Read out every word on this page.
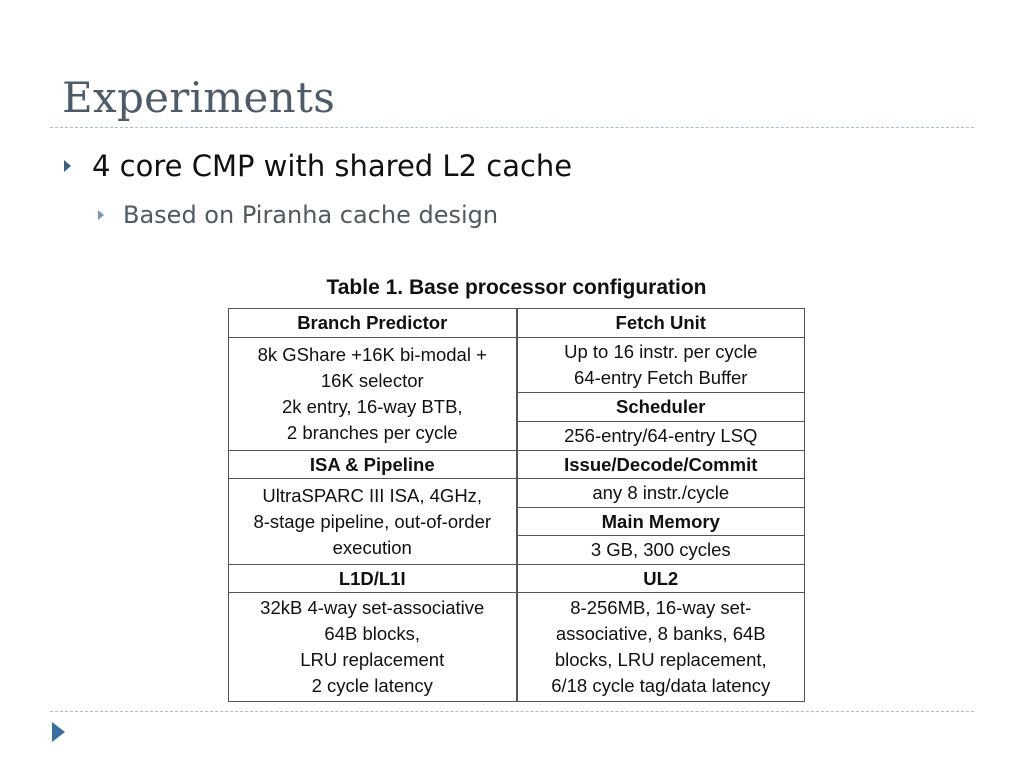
Experiments
4 core CMP with shared L2 cache
Based on Piranha cache design
Table 1. Base processor configuration
Branch Predictor	Fetch Unit

8k GShare +16K bi-modal +
16K selector
2k entry, 16-way BTB,
2 branches per cycle	Up to 16 instr. per cycle
64-entry Fetch Buffer

	Scheduler
	256-entry/64-entry LSQ
ISA & Pipeline	Issue/Decode/Commit

UltraSPARC III ISA, 4GHz,
8-stage pipeline, out-of-order
execution	any 8 instr./cycle
	Main Memory
	3 GB, 300 cycles
L1D/L1I	UL2

32kB 4-way set-associative
64B blocks,
LRU replacement
2 cycle latency	8-256MB, 16-way set-
associative, 8 banks, 64B
blocks, LRU replacement,
6/18 cycle tag/data latency
